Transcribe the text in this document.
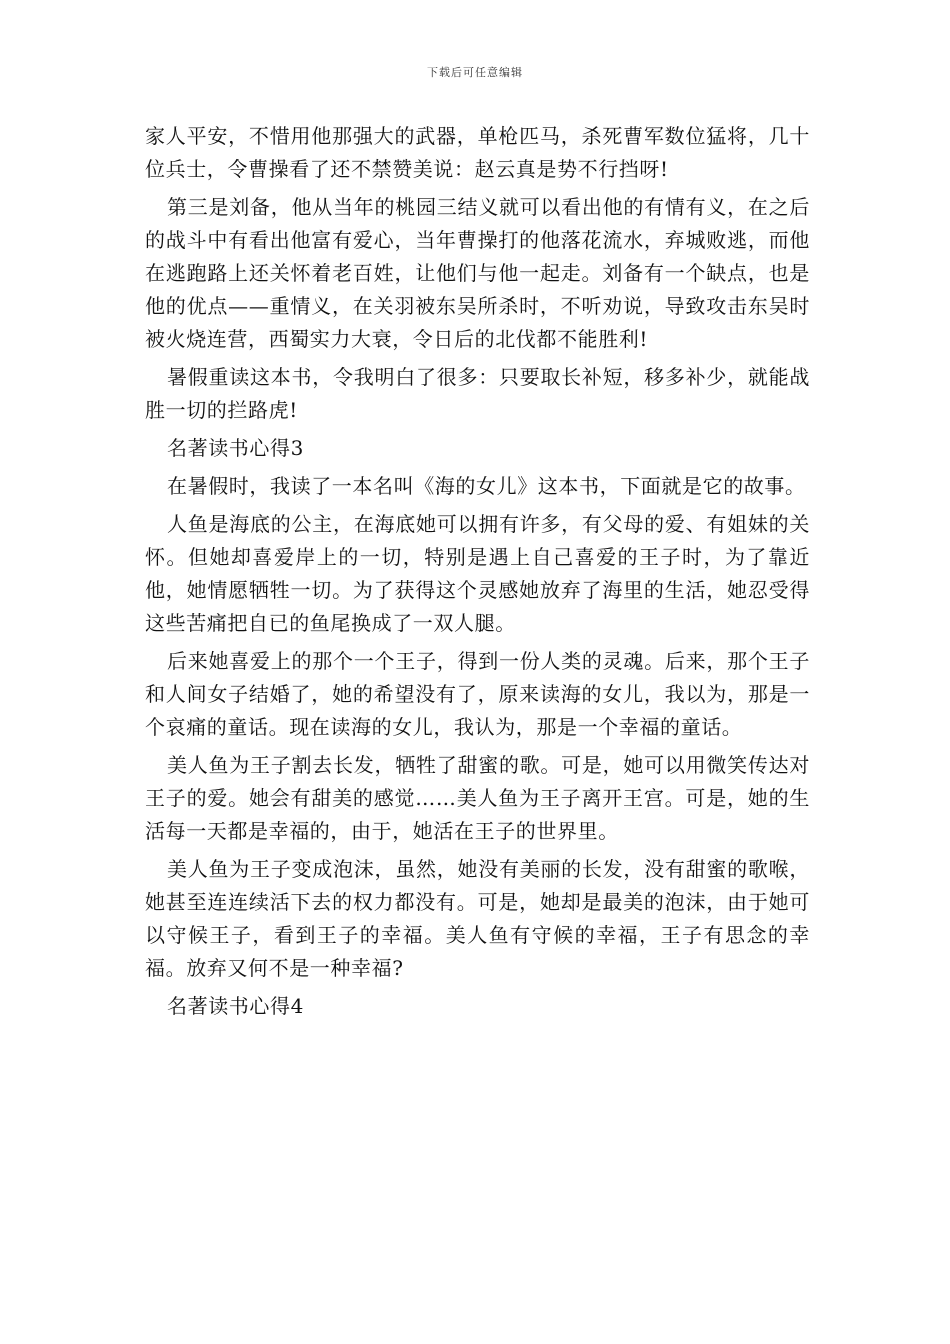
下载后可任意编辑

家人平安，不惜用他那强大的武器，单枪匹马，杀死曹军数位猛将，几十位兵士，令曹操看了还不禁赞美说：赵云真是势不行挡呀!

第三是刘备，他从当年的桃园三结义就可以看出他的有情有义，在之后的战斗中有看出他富有爱心，当年曹操打的他落花流水，弃城败逃，而他在逃跑路上还关怀着老百姓，让他们与他一起走。刘备有一个缺点，也是他的优点——重情义，在关羽被东吴所杀时，不听劝说，导致攻击东吴时被火烧连营，西蜀实力大衰，令日后的北伐都不能胜利!

暑假重读这本书，令我明白了很多：只要取长补短，移多补少，就能战胜一切的拦路虎!

名著读书心得3

在暑假时，我读了一本名叫《海的女儿》这本书，下面就是它的故事。

人鱼是海底的公主，在海底她可以拥有许多，有父母的爱、有姐妹的关怀。但她却喜爱岸上的一切，特别是遇上自己喜爱的王子时，为了靠近他，她情愿牺牲一切。为了获得这个灵感她放弃了海里的生活，她忍受得这些苦痛把自已的鱼尾换成了一双人腿。

后来她喜爱上的那个一个王子，得到一份人类的灵魂。后来，那个王子和人间女子结婚了，她的希望没有了，原来读海的女儿，我以为，那是一个哀痛的童话。现在读海的女儿，我认为，那是一个幸福的童话。

美人鱼为王子割去长发，牺牲了甜蜜的歌。可是，她可以用微笑传达对王子的爱。她会有甜美的感觉……美人鱼为王子离开王宫。可是，她的生活每一天都是幸福的，由于，她活在王子的世界里。

美人鱼为王子变成泡沫，虽然，她没有美丽的长发，没有甜蜜的歌喉，她甚至连连续活下去的权力都没有。可是，她却是最美的泡沫，由于她可以守候王子，看到王子的幸福。美人鱼有守候的幸福，王子有思念的幸福。放弃又何不是一种幸福?

名著读书心得4
